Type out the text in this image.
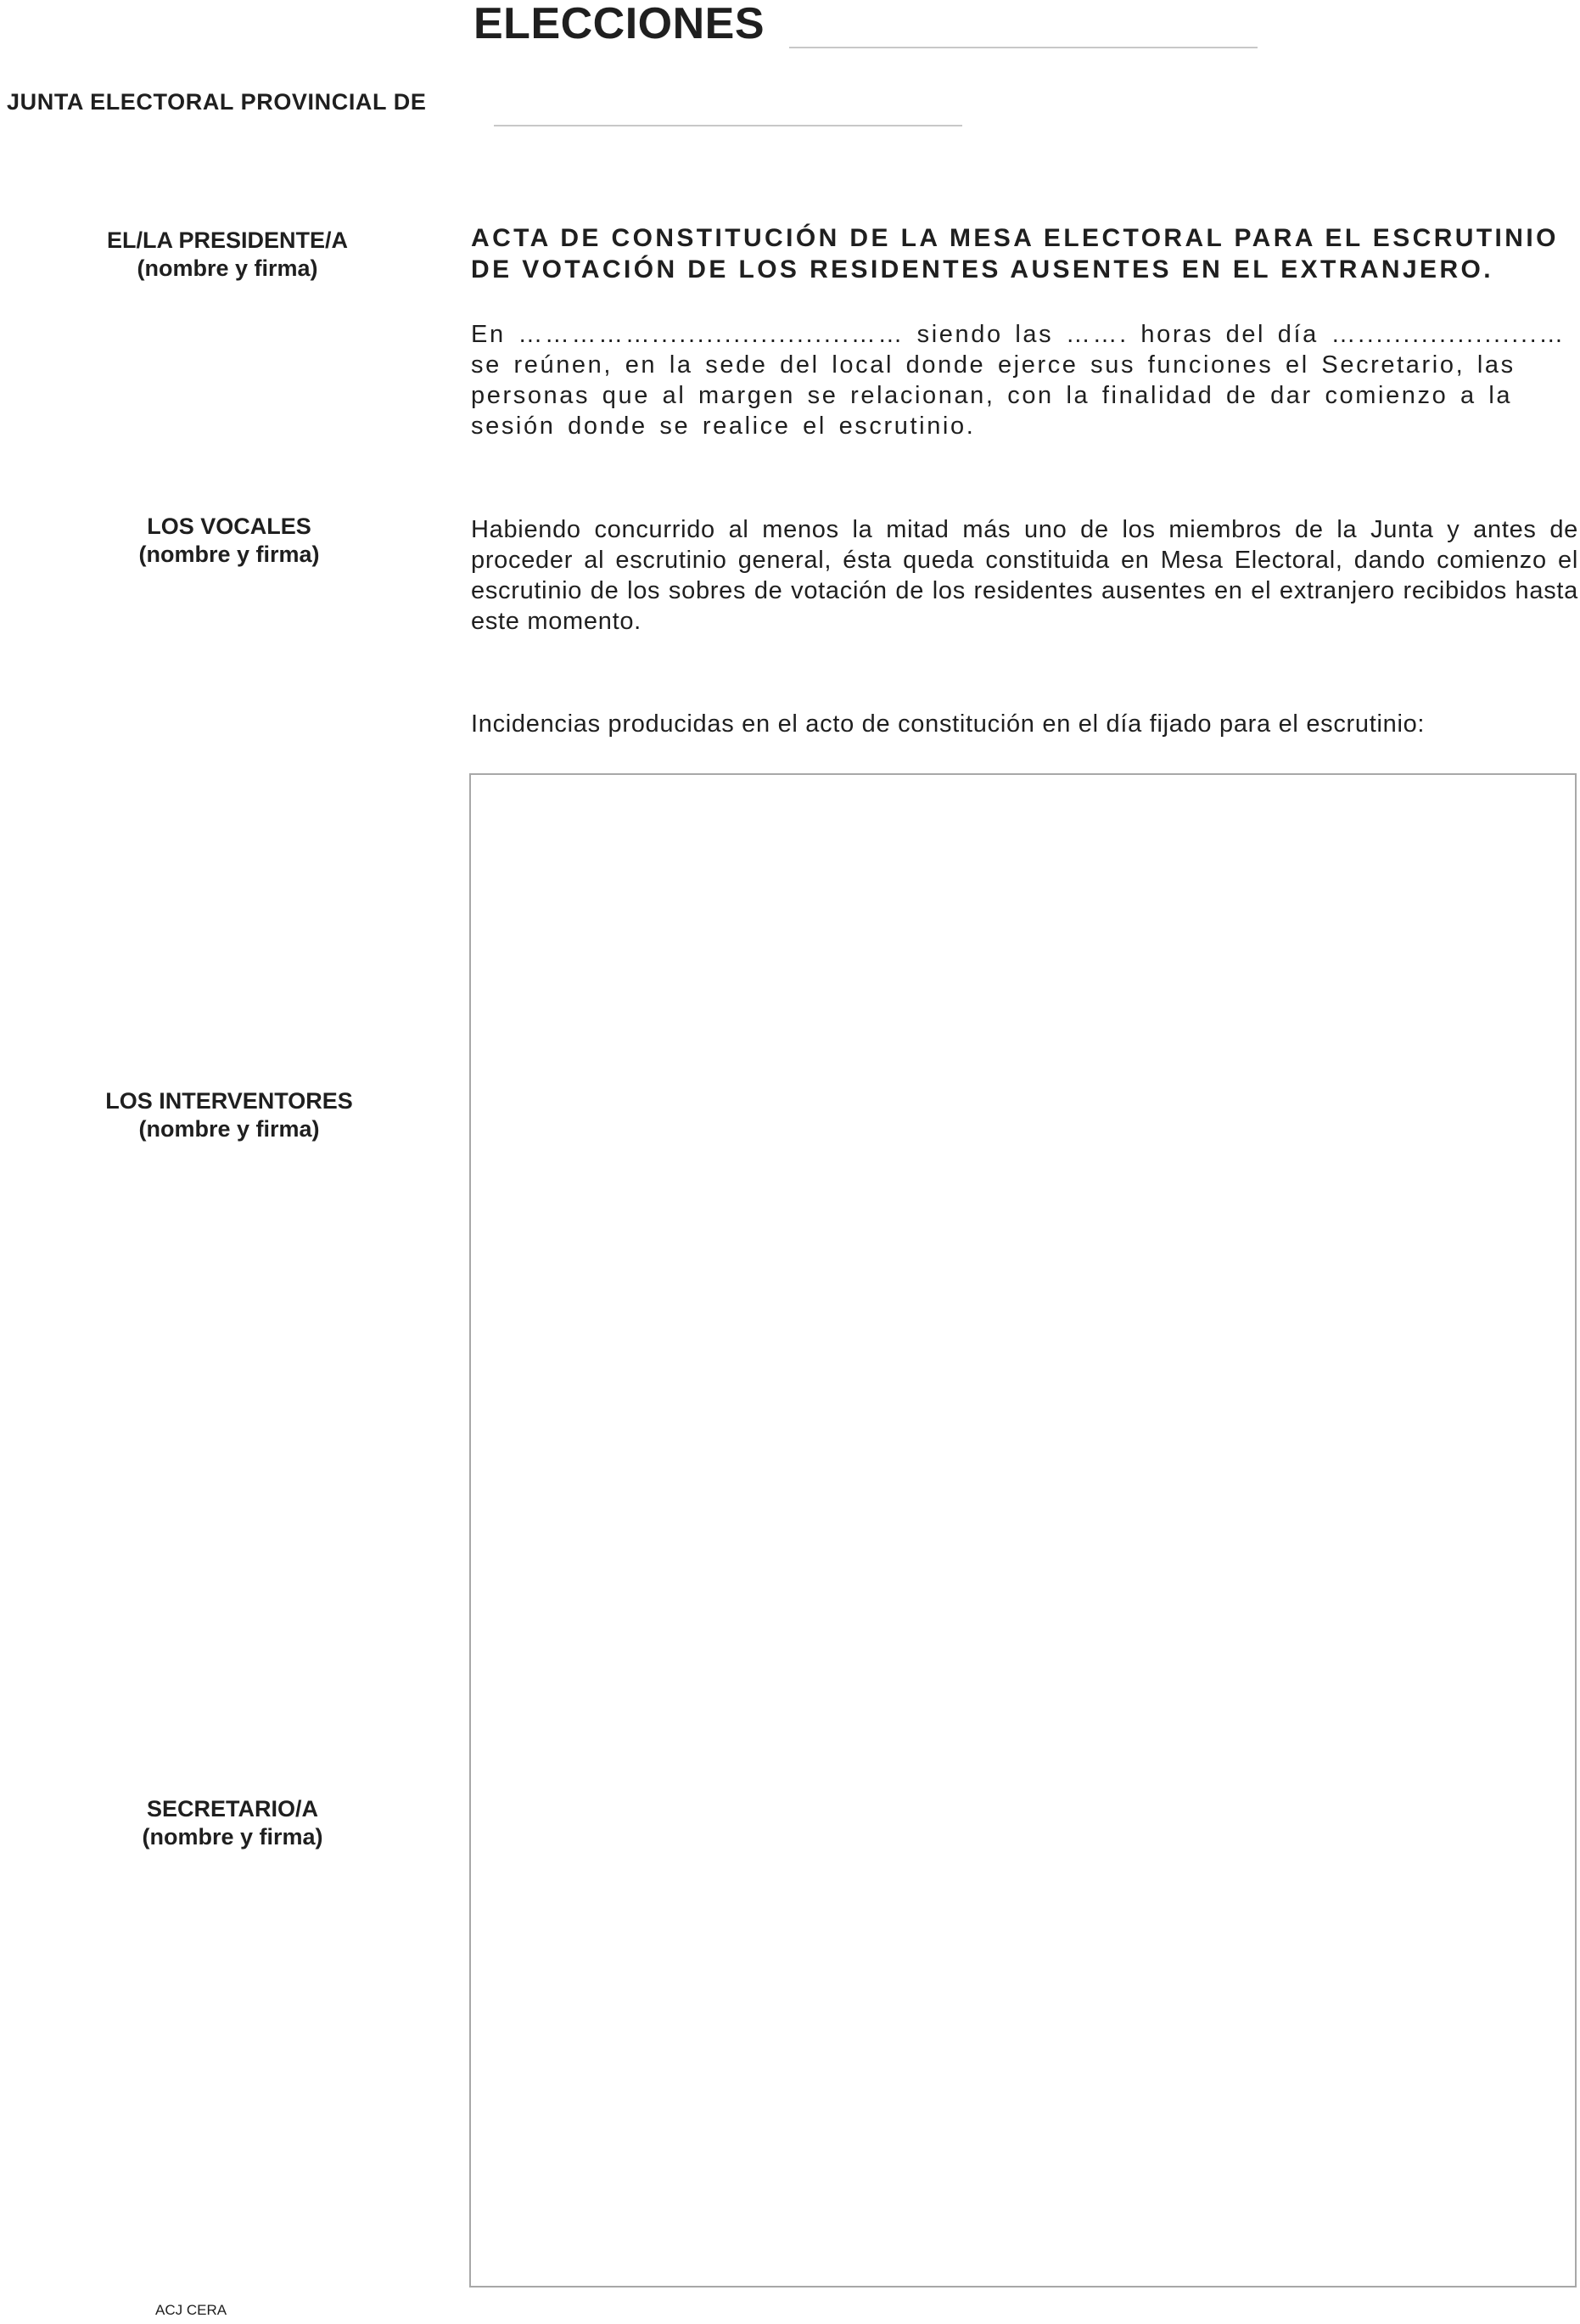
ELECCIONES
JUNTA ELECTORAL PROVINCIAL DE
EL/LA PRESIDENTE/A
(nombre y firma)
LOS VOCALES
(nombre y firma)
LOS INTERVENTORES
(nombre y firma)
SECRETARIO/A
(nombre y firma)
ACTA DE CONSTITUCIÓN DE LA MESA ELECTORAL PARA EL ESCRUTINIO
DE VOTACIÓN DE LOS RESIDENTES AUSENTES EN EL EXTRANJERO.
En ……………......................…… siendo las ……. horas del día …....................…
se reúnen, en la sede del local donde ejerce sus funciones el Secretario, las
personas que al margen se relacionan, con la finalidad de dar comienzo a la
sesión donde se realice el escrutinio.
Habiendo concurrido al menos la mitad más uno de los miembros de la Junta y antes de proceder al escrutinio general, ésta queda constituida en Mesa Electoral, dando comienzo el escrutinio de los sobres de votación de los residentes ausentes en el extranjero recibidos hasta este momento.
Incidencias producidas en el acto de constitución en el día fijado para el escrutinio:
ACJ CERA
